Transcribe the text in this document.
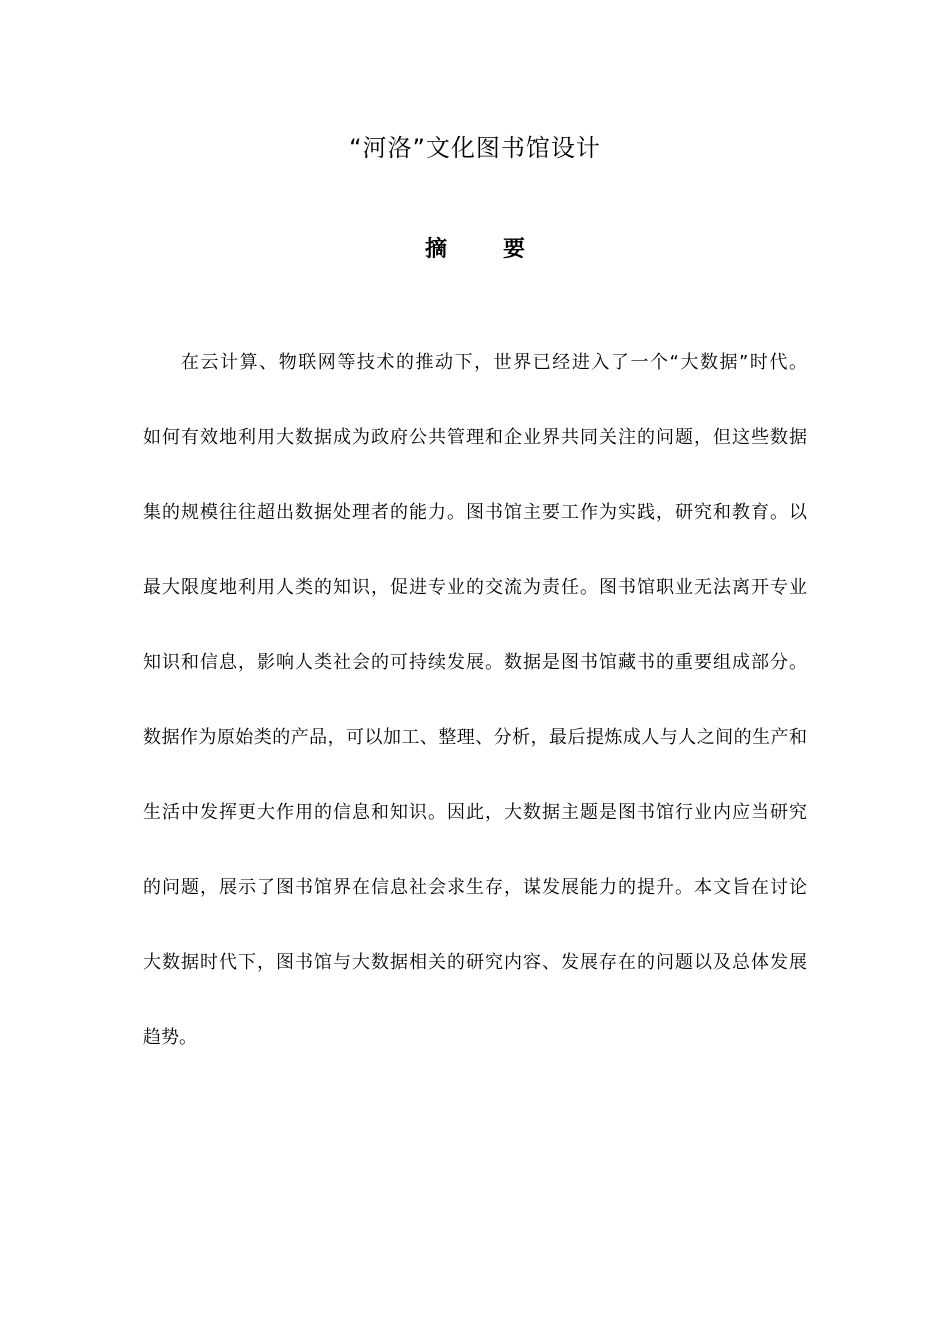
“河洛”文化图书馆设计
摘	要
在云计算、物联网等技术的推动下，世界已经进入了一个“大数据”时代。
如何有效地利用大数据成为政府公共管理和企业界共同关注的问题，但这些数据
集的规模往往超出数据处理者的能力。图书馆主要工作为实践，研究和教育。以
最大限度地利用人类的知识，促进专业的交流为责任。图书馆职业无法离开专业
知识和信息，影响人类社会的可持续发展。数据是图书馆藏书的重要组成部分。
数据作为原始类的产品，可以加工、整理、分析，最后提炼成人与人之间的生产和
生活中发挥更大作用的信息和知识。因此，大数据主题是图书馆行业内应当研究
的问题，展示了图书馆界在信息社会求生存，谋发展能力的提升。本文旨在讨论
大数据时代下，图书馆与大数据相关的研究内容、发展存在的问题以及总体发展
趋势。
